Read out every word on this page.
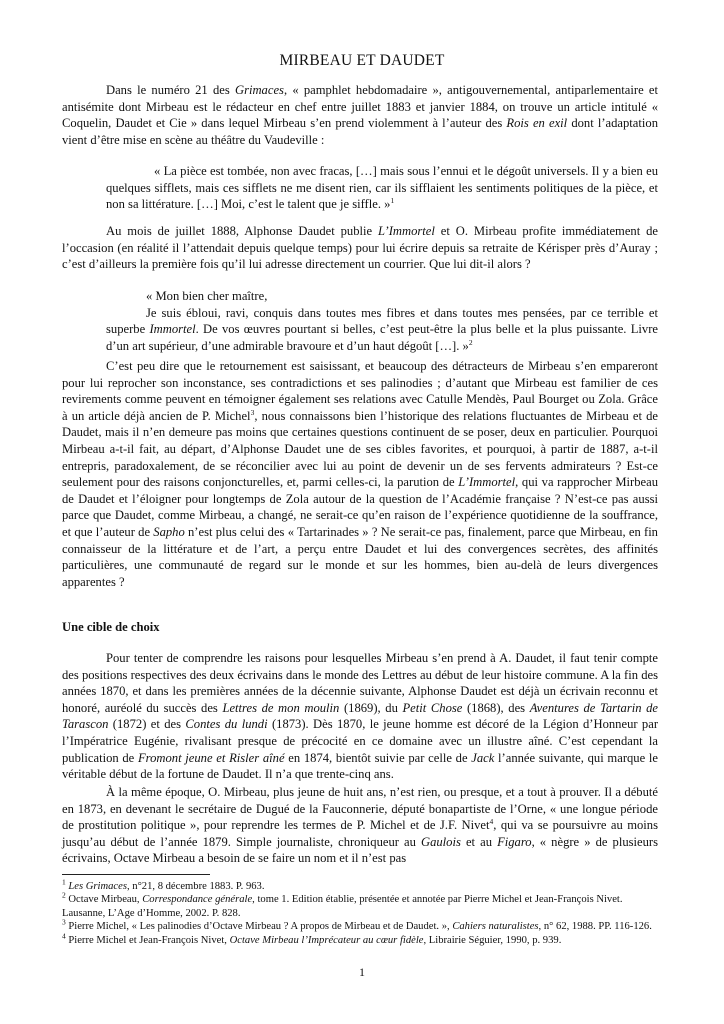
MIRBEAU ET DAUDET

Dans le numéro 21 des Grimaces, « pamphlet hebdomadaire », antigouvernemental, antiparlementaire et antisémite dont Mirbeau est le rédacteur en chef entre juillet 1883 et janvier 1884, on trouve un article intitulé « Coquelin, Daudet et Cie » dans lequel Mirbeau s’en prend violemment à l’auteur des Rois en exil dont l’adaptation vient d’être mise en scène au théâtre du Vaudeville :

« La pièce est tombée, non avec fracas, […] mais sous l’ennui et le dégoût universels. Il y a bien eu quelques sifflets, mais ces sifflets ne me disent rien, car ils sifflaient les sentiments politiques de la pièce, et non sa littérature. […] Moi, c’est le talent que je siffle. »$^1$

Au mois de juillet 1888, Alphonse Daudet publie L’Immortel et O. Mirbeau profite immédiatement de l’occasion (en réalité il l’attendait depuis quelque temps) pour lui écrire depuis sa retraite de Kérisper près d’Auray ; c’est d’ailleurs la première fois qu’il lui adresse directement un courrier. Que lui dit-il alors ?

« Mon bien cher maître,

Je suis ébloui, ravi, conquis dans toutes mes fibres et dans toutes mes pensées, par ce terrible et superbe Immortel. De vos œuvres pourtant si belles, c’est peut-être la plus belle et la plus puissante. Livre d’un art supérieur, d’une admirable bravoure et d’un haut dégoût […]. »$^2$

C’est peu dire que le retournement est saisissant, et beaucoup des détracteurs de Mirbeau s’en empareront pour lui reprocher son inconstance, ses contradictions et ses palinodies ; d’autant que Mirbeau est familier de ces revirements comme peuvent en témoigner également ses relations avec Catulle Mendès, Paul Bourget ou Zola. Grâce à un article déjà ancien de P. Michel$^3$, nous connaissons bien l’historique des relations fluctuantes de Mirbeau et de Daudet, mais il n’en demeure pas moins que certaines questions continuent de se poser, deux en particulier. Pourquoi Mirbeau a-t-il fait, au départ, d’Alphonse Daudet une de ses cibles favorites, et pourquoi, à partir de 1887, a-t-il entrepris, paradoxalement, de se réconcilier avec lui au point de devenir un de ses fervents admirateurs ? Est-ce seulement pour des raisons conjoncturelles, et, parmi celles-ci, la parution de L’Immortel, qui va rapprocher Mirbeau de Daudet et l’éloigner pour longtemps de Zola autour de la question de l’Académie française ? N’est-ce pas aussi parce que Daudet, comme Mirbeau, a changé, ne serait-ce qu’en raison de l’expérience quotidienne de la souffrance, et que l’auteur de Sapho n’est plus celui des « Tartarinades » ? Ne serait-ce pas, finalement, parce que Mirbeau, en fin connaisseur de la littérature et de l’art, a perçu entre Daudet et lui des convergences secrètes, des affinités particulières, une communauté de regard sur le monde et sur les hommes, bien au-delà de leurs divergences apparentes ?

Une cible de choix

Pour tenter de comprendre les raisons pour lesquelles Mirbeau s’en prend à A. Daudet, il faut tenir compte des positions respectives des deux écrivains dans le monde des Lettres au début de leur histoire commune. A la fin des années 1870, et dans les premières années de la décennie suivante, Alphonse Daudet est déjà un écrivain reconnu et honoré, auréolé du succès des Lettres de mon moulin (1869), du Petit Chose (1868), des Aventures de Tartarin de Tarascon (1872) et des Contes du lundi (1873). Dès 1870, le jeune homme est décoré de la Légion d’Honneur par l’Impératrice Eugénie, rivalisant presque de précocité en ce domaine avec un illustre aîné. C’est cependant la publication de Fromont jeune et Risler aîné en 1874, bientôt suivie par celle de Jack l’année suivante, qui marque le véritable début de la fortune de Daudet. Il n’a que trente-cinq ans.

À la même époque, O. Mirbeau, plus jeune de huit ans, n’est rien, ou presque, et a tout à prouver. Il a débuté en 1873, en devenant le secrétaire de Dugué de la Fauconnerie, député bonapartiste de l’Orne, « une longue période de prostitution politique », pour reprendre les termes de P. Michel et de J.F. Nivet$^4$, qui va se poursuivre au moins jusqu’au début de l’année 1879. Simple journaliste, chroniqueur au Gaulois et au Figaro, « nègre » de plusieurs écrivains, Octave Mirbeau a besoin de se faire un nom et il n’est pas

$^1$ Les Grimaces, n°21, 8 décembre 1883. P. 963.

$^2$ Octave Mirbeau, Correspondance générale, tome 1. Edition établie, présentée et annotée par Pierre Michel et Jean-François Nivet. Lausanne, L’Age d’Homme, 2002. P. 828.

$^3$ Pierre Michel, « Les palinodies d’Octave Mirbeau ? A propos de Mirbeau et de Daudet. », Cahiers naturalistes, n° 62, 1988. PP. 116-126.

$^4$ Pierre Michel et Jean-François Nivet, Octave Mirbeau l’Imprécateur au cœur fidèle, Librairie Séguier, 1990, p. 939.

1
